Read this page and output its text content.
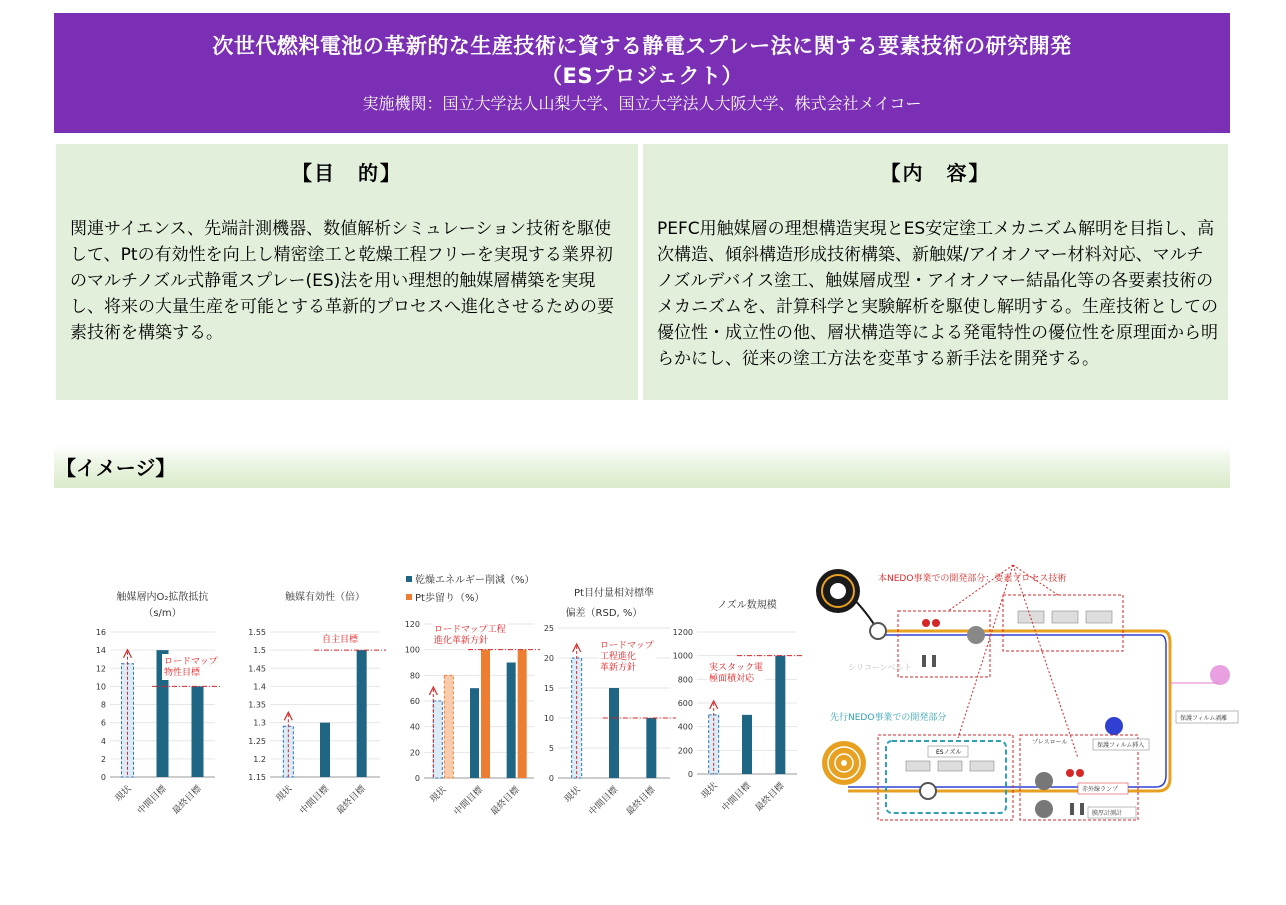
次世代燃料電池の革新的な生産技術に資する静電スプレー法に関する要素技術の研究開発
（ESプロジェクト）
実施機関：国立大学法人山梨大学、国立大学法人大阪大学、株式会社メイコー
【目　的】

関連サイエンス、先端計測機器、数値解析シミュレーション技術を駆使して、Ptの有効性を向上し精密塗工と乾燥工程フリーを実現する業界初のマルチノズル式静電スプレー(ES)法を用い理想的触媒層構築を実現し、将来の大量生産を可能とする革新的プロセスへ進化させるための要素技術を構築する。

【内　容】

PEFC用触媒層の理想構造実現とES安定塗工メカニズム解明を目指し、高次構造、傾斜構造形成技術構築、新触媒/アイオノマー材料対応、マルチノズルデバイス塗工、触媒層成型・アイオノマー結晶化等の各要素技術のメカニズムを、計算科学と実験解析を駆使し解明する。生産技術としての優位性・成立性の他、層状構造等による発電特性の優位性を原理面から明らかにし、従来の塗工方法を変革する新手法を開発する。

【イメージ】
触媒層内O₂拡散抵抗
（s/m）
0
2
4
6
8
10
12
14
16
現状 中間目標 最終目標
ロードマップ
物性目標
触媒有効性（倍）
1.15
1.2
1.25
1.3
1.35
1.4
1.45
1.5
1.55
現状 中間目標 最終目標
自主目標
乾燥エネルギー削減（%）
Pt歩留り（%）
0
20
40
60
80
100
120
現状 中間目標 最終目標
ロードマップ工程
進化革新方針
Pt目付量相対標準
偏差（RSD, %）
0
5
10
15
20
25
現状 中間目標 最終目標
ロードマップ
工程進化
革新方針
ノズル数規模
0
200
400
600
800
1000
1200
現状 中間目標 最終目標
実スタック電
極面積対応
本NEDO事業での開発部分：要素プロセス技術
シリコーンベルト
先行NEDO事業での開発部分
ESノズル
プレスロール
赤外線ランプ
膜厚計測計
保護フィルム剥離
保護フィルム挿入
